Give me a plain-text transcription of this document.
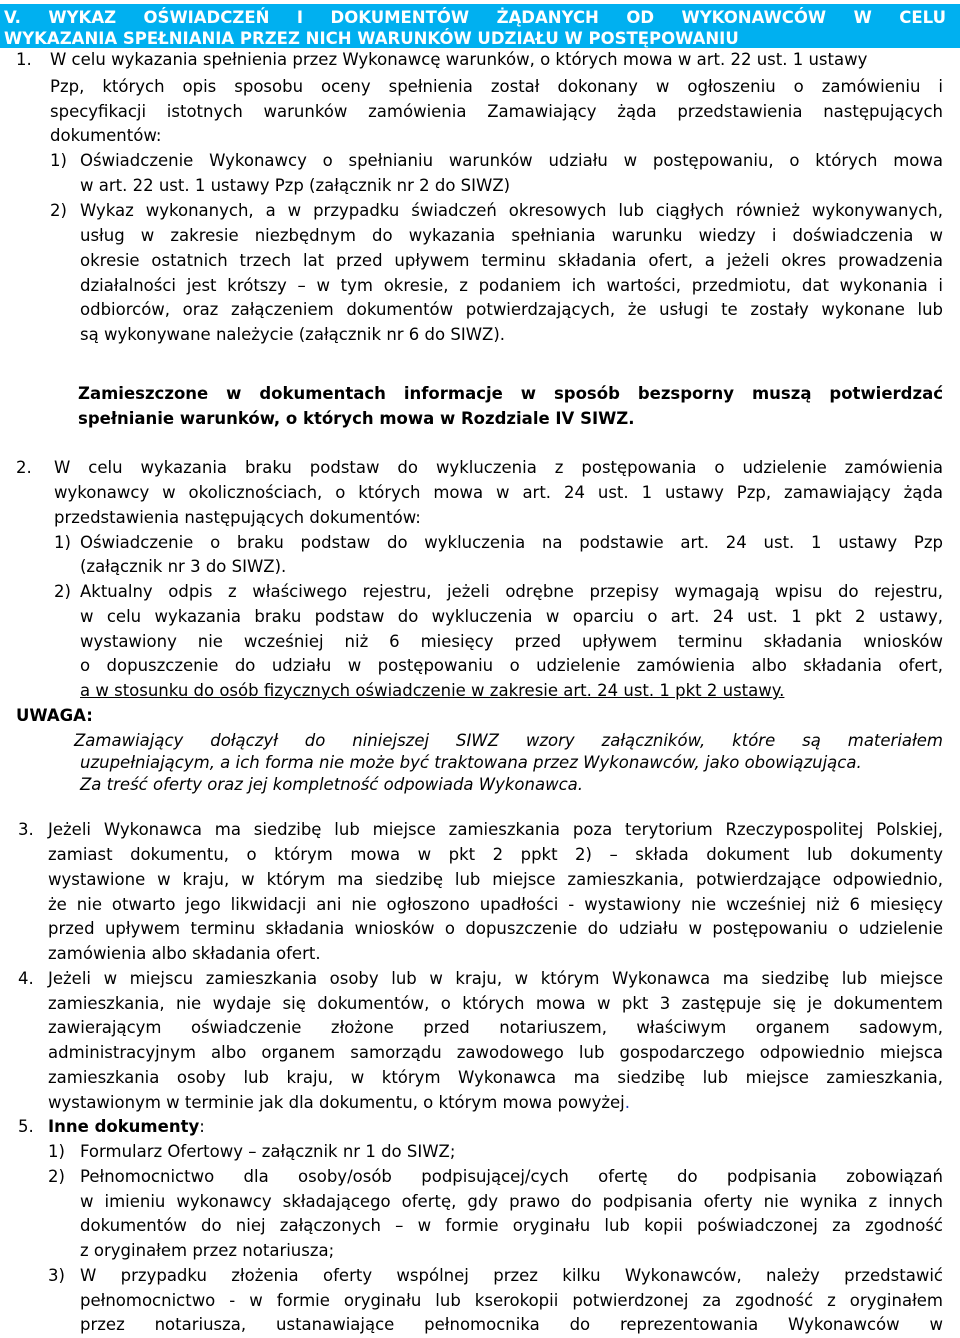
V. WYKAZ OŚWIADCZEŃ I DOKUMENTÓW ŻĄDANYCH OD WYKONAWCÓW W CELU
WYKAZANIA SPEŁNIANIA PRZEZ NICH WARUNKÓW UDZIAŁU W POSTĘPOWANIU
1. W celu wykazania spełnienia przez Wykonawcę warunków, o których mowa w art. 22 ust. 1 ustawy
Pzp, których opis sposobu oceny spełnienia został dokonany w ogłoszeniu o zamówieniu i
specyfikacji istotnych warunków zamówienia Zamawiający żąda przedstawienia następujących
dokumentów:
1) Oświadczenie Wykonawcy o spełnianiu warunków udziału w postępowaniu, o których mowa
w art. 22 ust. 1 ustawy Pzp (załącznik nr 2 do SIWZ)
2) Wykaz wykonanych, a w przypadku świadczeń okresowych lub ciągłych również wykonywanych,
usług w zakresie niezbędnym do wykazania spełniania warunku wiedzy i doświadczenia w
okresie ostatnich trzech lat przed upływem terminu składania ofert, a jeżeli okres prowadzenia
działalności jest krótszy – w tym okresie, z podaniem ich wartości, przedmiotu, dat wykonania i
odbiorców, oraz załączeniem dokumentów potwierdzających, że usługi te zostały wykonane lub
są wykonywane należycie (załącznik nr 6 do SIWZ).
Zamieszczone w dokumentach informacje w sposób bezsporny muszą potwierdzać
spełnianie warunków, o których mowa w Rozdziale IV SIWZ.
2. W celu wykazania braku podstaw do wykluczenia z postępowania o udzielenie zamówienia
wykonawcy w okolicznościach, o których mowa w art. 24 ust. 1 ustawy Pzp, zamawiający żąda
przedstawienia następujących dokumentów:
1) Oświadczenie o braku podstaw do wykluczenia na podstawie art. 24 ust. 1 ustawy Pzp
(załącznik nr 3 do SIWZ).
2) Aktualny odpis z właściwego rejestru, jeżeli odrębne przepisy wymagają wpisu do rejestru,
w celu wykazania braku podstaw do wykluczenia w oparciu o art. 24 ust. 1 pkt 2 ustawy,
wystawiony nie wcześniej niż 6 miesięcy przed upływem terminu składania wniosków
o dopuszczenie do udziału w postępowaniu o udzielenie zamówienia albo składania ofert,
a w stosunku do osób fizycznych oświadczenie w zakresie art. 24 ust. 1 pkt 2 ustawy.
UWAGA:
Zamawiający dołączył do niniejszej SIWZ wzory załączników, które są materiałem
uzupełniającym, a ich forma nie może być traktowana przez Wykonawców, jako obowiązująca.
Za treść oferty oraz jej kompletność odpowiada Wykonawca.
3. Jeżeli Wykonawca ma siedzibę lub miejsce zamieszkania poza terytorium Rzeczypospolitej Polskiej,
zamiast dokumentu, o którym mowa w pkt 2 ppkt 2) – składa dokument lub dokumenty
wystawione w kraju, w którym ma siedzibę lub miejsce zamieszkania, potwierdzające odpowiednio,
że nie otwarto jego likwidacji ani nie ogłoszono upadłości - wystawiony nie wcześniej niż 6 miesięcy
przed upływem terminu składania wniosków o dopuszczenie do udziału w postępowaniu o udzielenie
zamówienia albo składania ofert.
4. Jeżeli w miejscu zamieszkania osoby lub w kraju, w którym Wykonawca ma siedzibę lub miejsce
zamieszkania, nie wydaje się dokumentów, o których mowa w pkt 3 zastępuje się je dokumentem
zawierającym oświadczenie złożone przed notariuszem, właściwym organem sadowym,
administracyjnym albo organem samorządu zawodowego lub gospodarczego odpowiednio miejsca
zamieszkania osoby lub kraju, w którym Wykonawca ma siedzibę lub miejsce zamieszkania,
wystawionym w terminie jak dla dokumentu, o którym mowa powyżej.
5. Inne dokumenty:
1) Formularz Ofertowy – załącznik nr 1 do SIWZ;
2) Pełnomocnictwo dla osoby/osób podpisującej/cych ofertę do podpisania zobowiązań
w imieniu wykonawcy składającego ofertę, gdy prawo do podpisania oferty nie wynika z innych
dokumentów do niej załączonych – w formie oryginału lub kopii poświadczonej za zgodność
z oryginałem przez notariusza;
3) W przypadku złożenia oferty wspólnej przez kilku Wykonawców, należy przedstawić
pełnomocnictwo - w formie oryginału lub kserokopii potwierdzonej za zgodność z oryginałem
przez notariusza, ustanawiające pełnomocnika do reprezentowania Wykonawców w
